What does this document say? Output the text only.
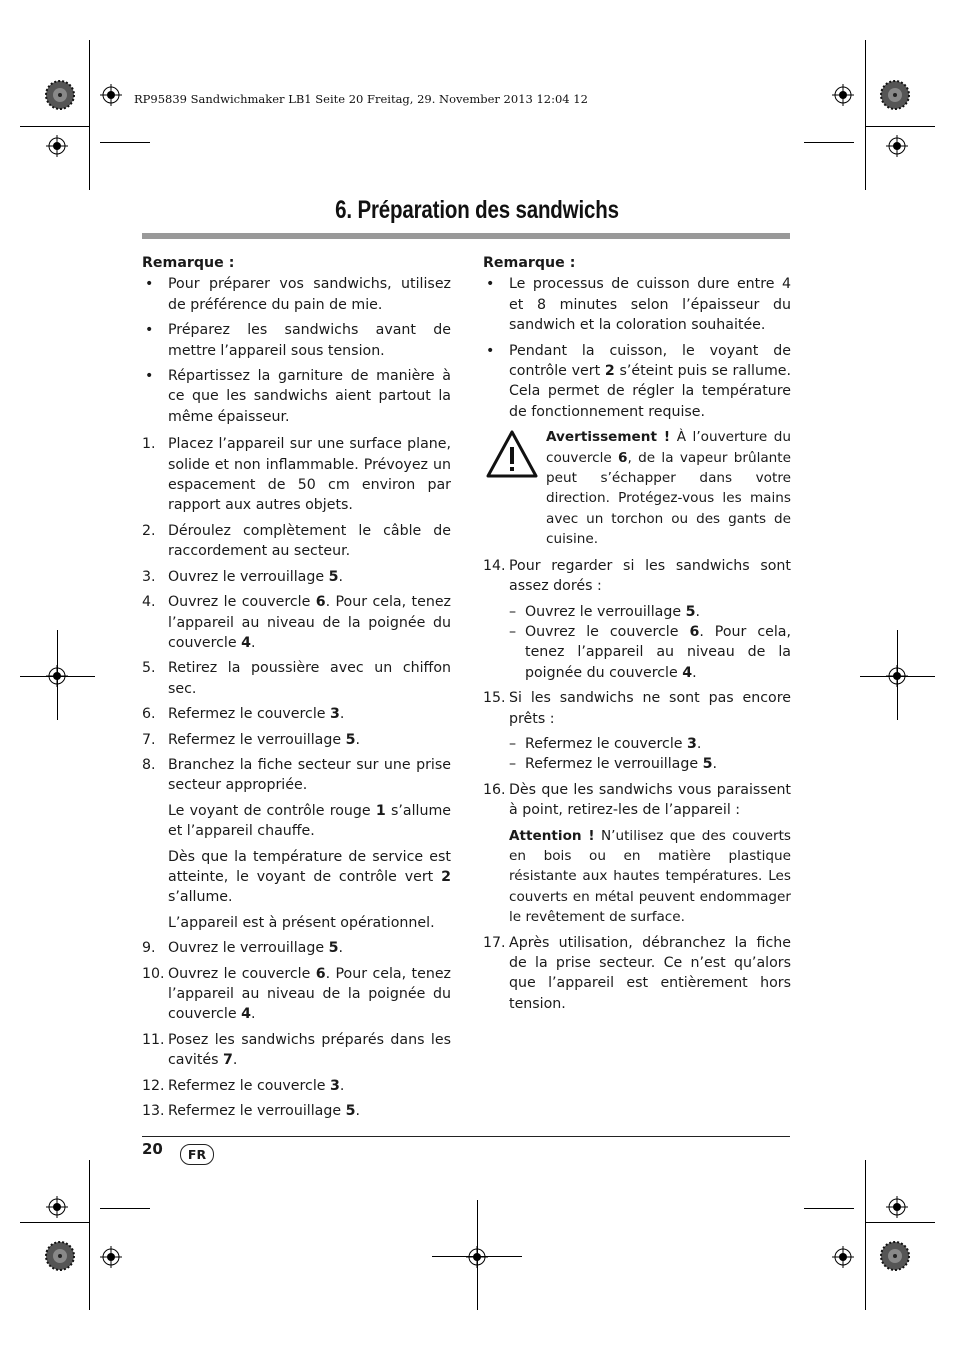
RP95839 Sandwichmaker LB1 Seite 20 Freitag, 29. November 2013 12:04 12
6. Préparation des sandwichs
Remarque :
• Pour préparer vos sandwichs, utilisez de préférence du pain de mie.
• Préparez les sandwichs avant de mettre l’appareil sous tension.
• Répartissez la garniture de manière à ce que les sandwichs aient partout la même épaisseur.
1. Placez l’appareil sur une surface plane, solide et non inflammable. Prévoyez un espacement de 50 cm environ par rapport aux autres objets.
2. Déroulez complètement le câble de raccordement au secteur.
3. Ouvrez le verrouillage 5.
4. Ouvrez le couvercle 6. Pour cela, tenez l’appareil au niveau de la poignée du couvercle 4.
5. Retirez la poussière avec un chiffon sec.
6. Refermez le couvercle 3.
7. Refermez le verrouillage 5.
8. Branchez la fiche secteur sur une prise secteur appropriée.
Le voyant de contrôle rouge 1 s’allume et l’appareil chauffe.
Dès que la température de service est atteinte, le voyant de contrôle vert 2 s’allume.
L’appareil est à présent opérationnel.
9. Ouvrez le verrouillage 5.
10. Ouvrez le couvercle 6. Pour cela, tenez l’appareil au niveau de la poignée du couvercle 4.
11. Posez les sandwichs préparés dans les cavités 7.
12. Refermez le couvercle 3.
13. Refermez le verrouillage 5.
Remarque :
• Le processus de cuisson dure entre 4 et 8 minutes selon l’épaisseur du sandwich et la coloration souhaitée.
• Pendant la cuisson, le voyant de contrôle vert 2 s’éteint puis se rallume. Cela permet de régler la température de fonctionnement requise.
Avertissement ! À l’ouverture du couvercle 6, de la vapeur brûlante peut s’échapper dans votre direction. Protégez-vous les mains avec un torchon ou des gants de cuisine.
14. Pour regarder si les sandwichs sont assez dorés :
– Ouvrez le verrouillage 5.
– Ouvrez le couvercle 6. Pour cela, tenez l’appareil au niveau de la poignée du couvercle 4.
15. Si les sandwichs ne sont pas encore prêts :
– Refermez le couvercle 3.
– Refermez le verrouillage 5.
16. Dès que les sandwichs vous paraissent à point, retirez-les de l’appareil :
Attention ! N’utilisez que des couverts en bois ou en matière plastique résistante aux hautes températures. Les couverts en métal peuvent endommager le revêtement de surface.
17. Après utilisation, débranchez la fiche de la prise secteur. Ce n’est qu’alors que l’appareil est entièrement hors tension.
20	FR
